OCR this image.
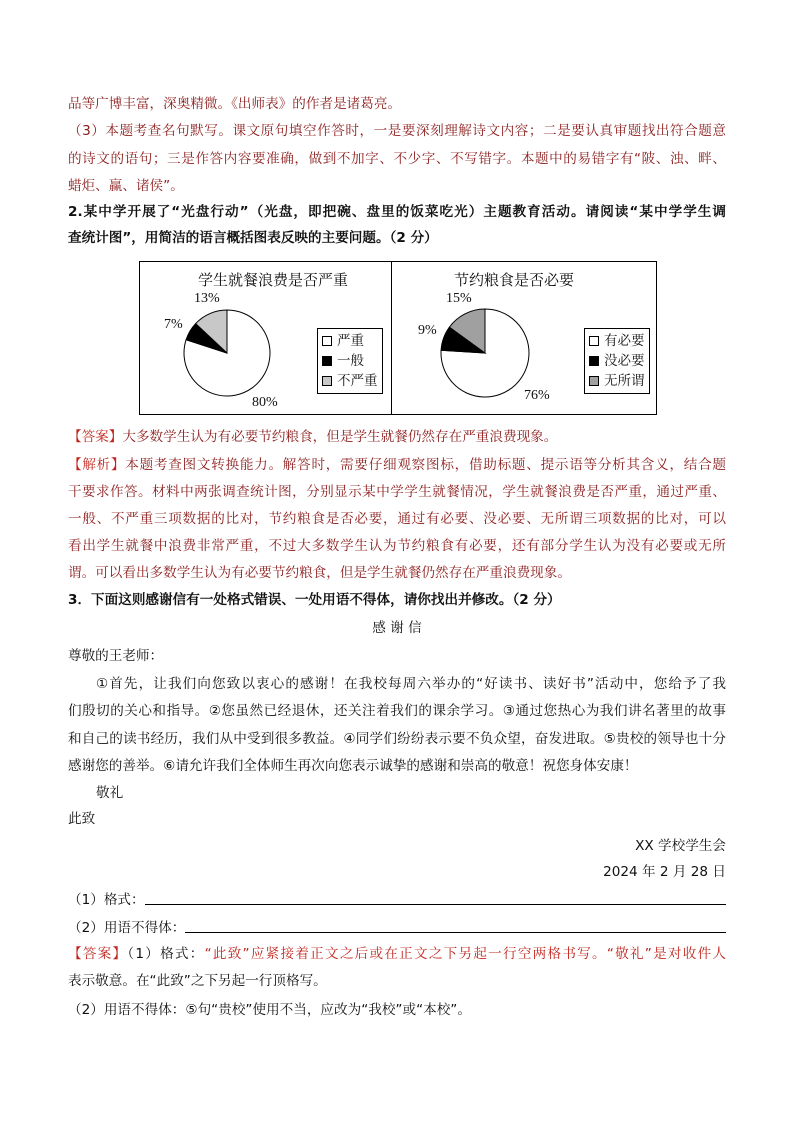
品等广博丰富，深奥精微。《出师表》的作者是诸葛亮。
（3）本题考查名句默写。课文原句填空作答时，一是要深刻理解诗文内容；二是要认真审题找出符合题意
的诗文的语句；三是作答内容要准确，做到不加字、不少字、不写错字。本题中的易错字有“陂、浊、畔、
蜡炬、赢、诸侯”。
2.某中学开展了“光盘行动”（光盘，即把碗、盘里的饭菜吃光）主题教育活动。请阅读“某中学学生调
查统计图”，用简洁的语言概括图表反映的主要问题。（2 分）
学生就餐浪费是否严重	节约粮食是否必要
13%
7%
80%
15%
9%
76%
严重
一般
不严重
有必要
没必要
无所谓
【答案】大多数学生认为有必要节约粮食，但是学生就餐仍然存在严重浪费现象。
【解析】本题考查图文转换能力。解答时，需要仔细观察图标，借助标题、提示语等分析其含义，结合题
干要求作答。材料中两张调查统计图，分别显示某中学学生就餐情况，学生就餐浪费是否严重，通过严重、
一般、不严重三项数据的比对，节约粮食是否必要，通过有必要、没必要、无所谓三项数据的比对，可以
看出学生就餐中浪费非常严重，不过大多数学生认为节约粮食有必要，还有部分学生认为没有必要或无所
谓。可以看出多数学生认为有必要节约粮食，但是学生就餐仍然存在严重浪费现象。
3．下面这则感谢信有一处格式错误、一处用语不得体，请你找出并修改。（2 分）
感 谢 信
尊敬的王老师：
①首先，让我们向您致以衷心的感谢！在我校每周六举办的“好读书、读好书”活动中，您给予了我
们殷切的关心和指导。②您虽然已经退休，还关注着我们的课余学习。③通过您热心为我们讲名著里的故事
和自己的读书经历，我们从中受到很多教益。④同学们纷纷表示要不负众望，奋发进取。⑤贵校的领导也十分
感谢您的善举。⑥请允许我们全体师生再次向您表示诚挚的感谢和崇高的敬意！祝您身体安康！
敬礼
此致
XX 学校学生会
2024 年 2 月 28 日
（1）格式：
（2）用语不得体：
【答案】（1）格式：“此致”应紧接着正文之后或在正文之下另起一行空两格书写。“敬礼”是对收件人
表示敬意。在“此致”之下另起一行顶格写。
（2）用语不得体：⑤句“贵校”使用不当，应改为“我校”或“本校”。
